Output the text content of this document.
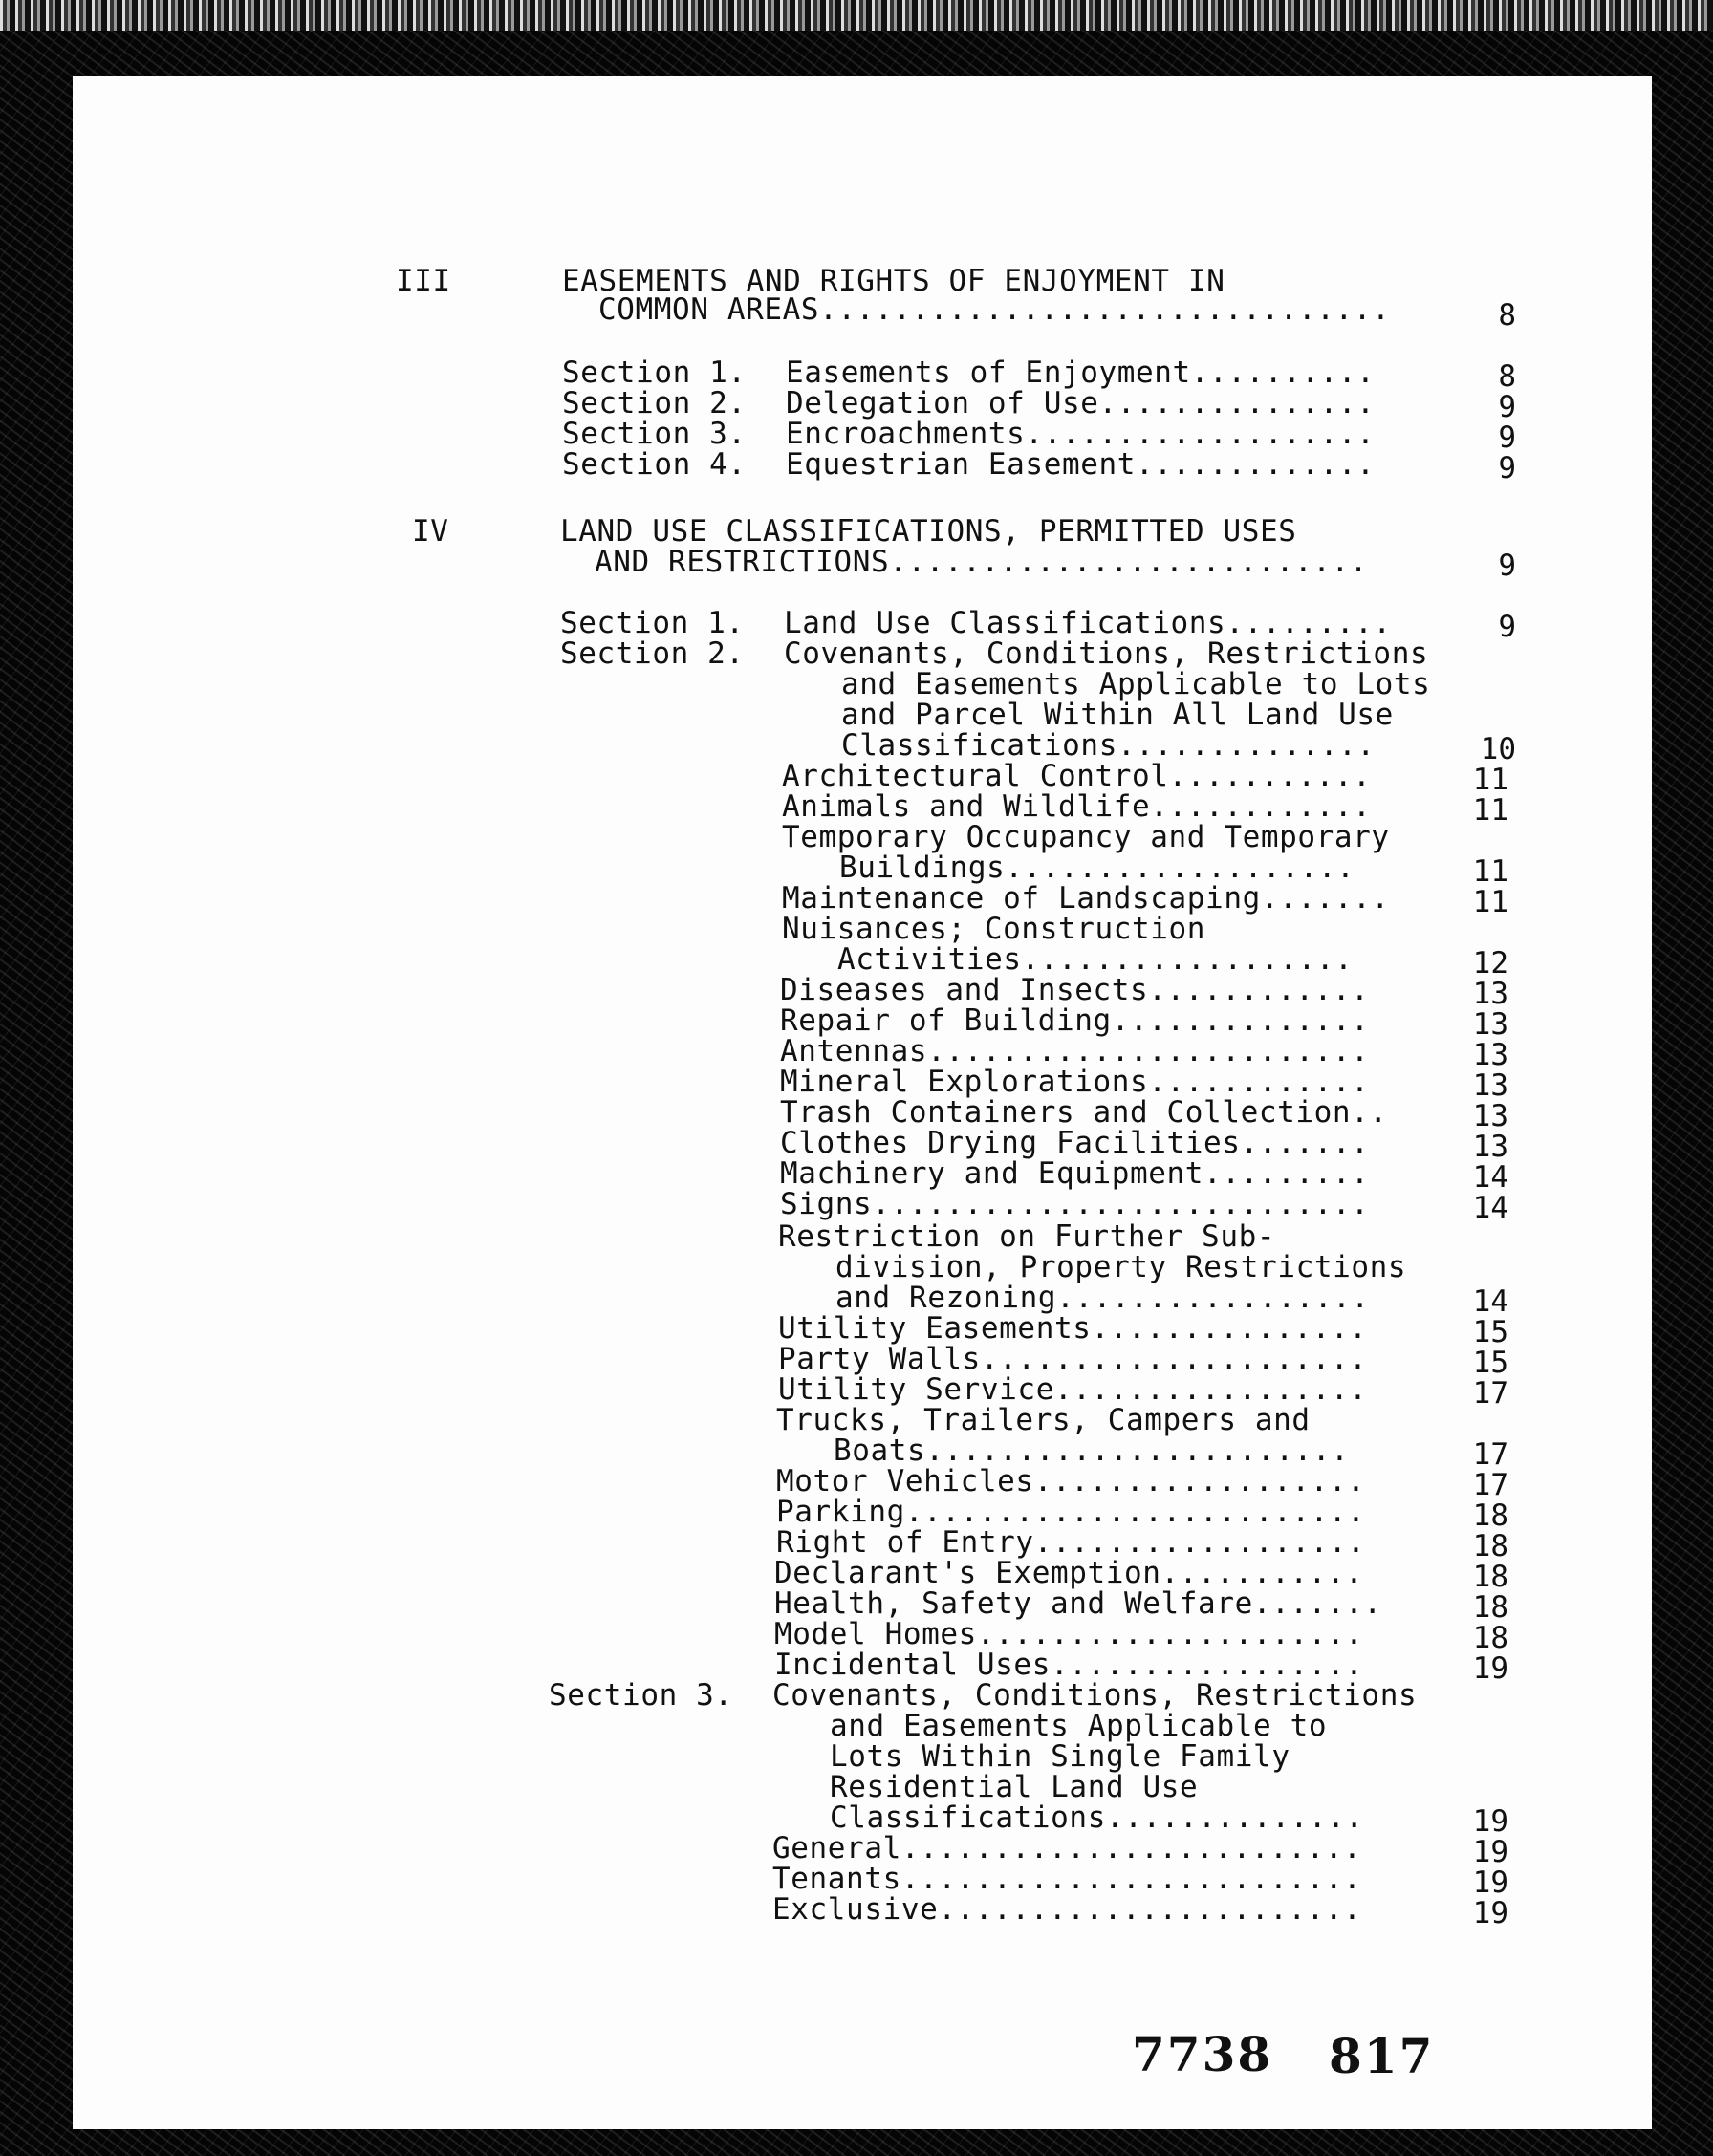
III	EASEMENTS AND RIGHTS OF ENJOYMENT IN
COMMON AREAS...............................	8
Section 1. Easements of Enjoyment..........	8
Section 2. Delegation of Use...............	9
Section 3. Encroachments...................	9
Section 4. Equestrian Easement.............	9
IV	LAND USE CLASSIFICATIONS, PERMITTED USES
AND RESTRICTIONS..........................	9
Section 1. Land Use Classifications.........	9
Section 2. Covenants, Conditions, Restrictions
and Easements Applicable to Lots
and Parcel Within All Land Use
Classifications..............	10
Architectural Control...........	11
Animals and Wildlife............	11
Temporary Occupancy and Temporary
Buildings...................	11
Maintenance of Landscaping.......	11
Nuisances; Construction
Activities..................	12
Diseases and Insects............	13
Repair of Building..............	13
Antennas........................	13
Mineral Explorations............	13
Trash Containers and Collection..	13
Clothes Drying Facilities.......	13
Machinery and Equipment.........	14
Signs...........................	14
Restriction on Further Sub-
division, Property Restrictions
and Rezoning.................	14
Utility Easements...............	15
Party Walls.....................	15
Utility Service.................	17
Trucks, Trailers, Campers and
Boats.......................	17
Motor Vehicles..................	17
Parking.........................	18
Right of Entry..................	18
Declarant's Exemption...........	18
Health, Safety and Welfare.......	18
Model Homes.....................	18
Incidental Uses.................	19
Section 3. Covenants, Conditions, Restrictions
and Easements Applicable to
Lots Within Single Family
Residential Land Use
Classifications..............	19
General.........................	19
Tenants.........................	19
Exclusive.......................	19
7738 817
